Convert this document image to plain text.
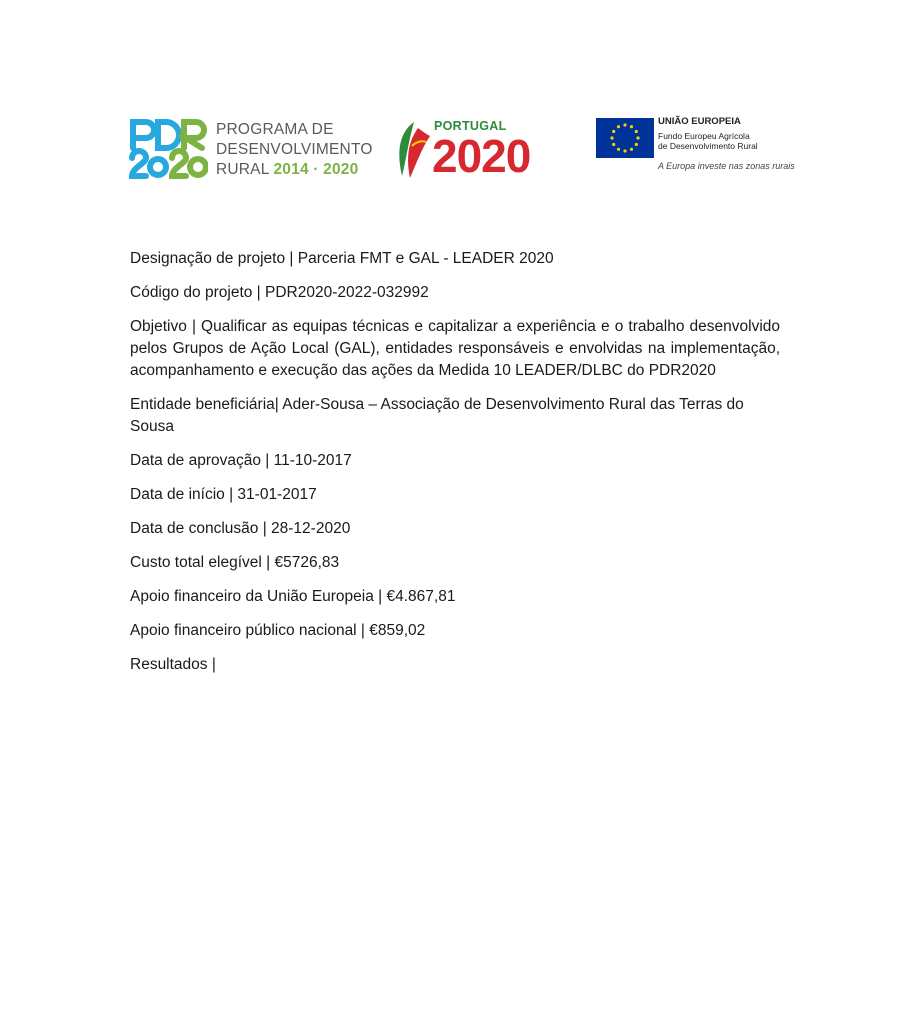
PROGRAMA DE
DESENVOLVIMENTO
RURAL 2014 · 2020
PORTUGAL
2020
UNIÃO EUROPEIA
Fundo Europeu Agrícola
de Desenvolvimento Rural
A Europa investe nas zonas rurais

Designação de projeto | Parceria FMT e GAL - LEADER 2020

Código do projeto | PDR2020-2022-032992

Objetivo | Qualificar as equipas técnicas e capitalizar a experiência e o trabalho desenvolvido pelos Grupos de Ação Local (GAL), entidades responsáveis e envolvidas na implementação, acompanhamento e execução das ações da Medida 10 LEADER/DLBC do PDR2020

Entidade beneficiária| Ader-Sousa – Associação de Desenvolvimento Rural das Terras do Sousa

Data de aprovação | 11-10-2017

Data de início | 31-01-2017

Data de conclusão | 28-12-2020

Custo total elegível | €5726,83

Apoio financeiro da União Europeia | €4.867,81

Apoio financeiro público nacional | €859,02

Resultados |
